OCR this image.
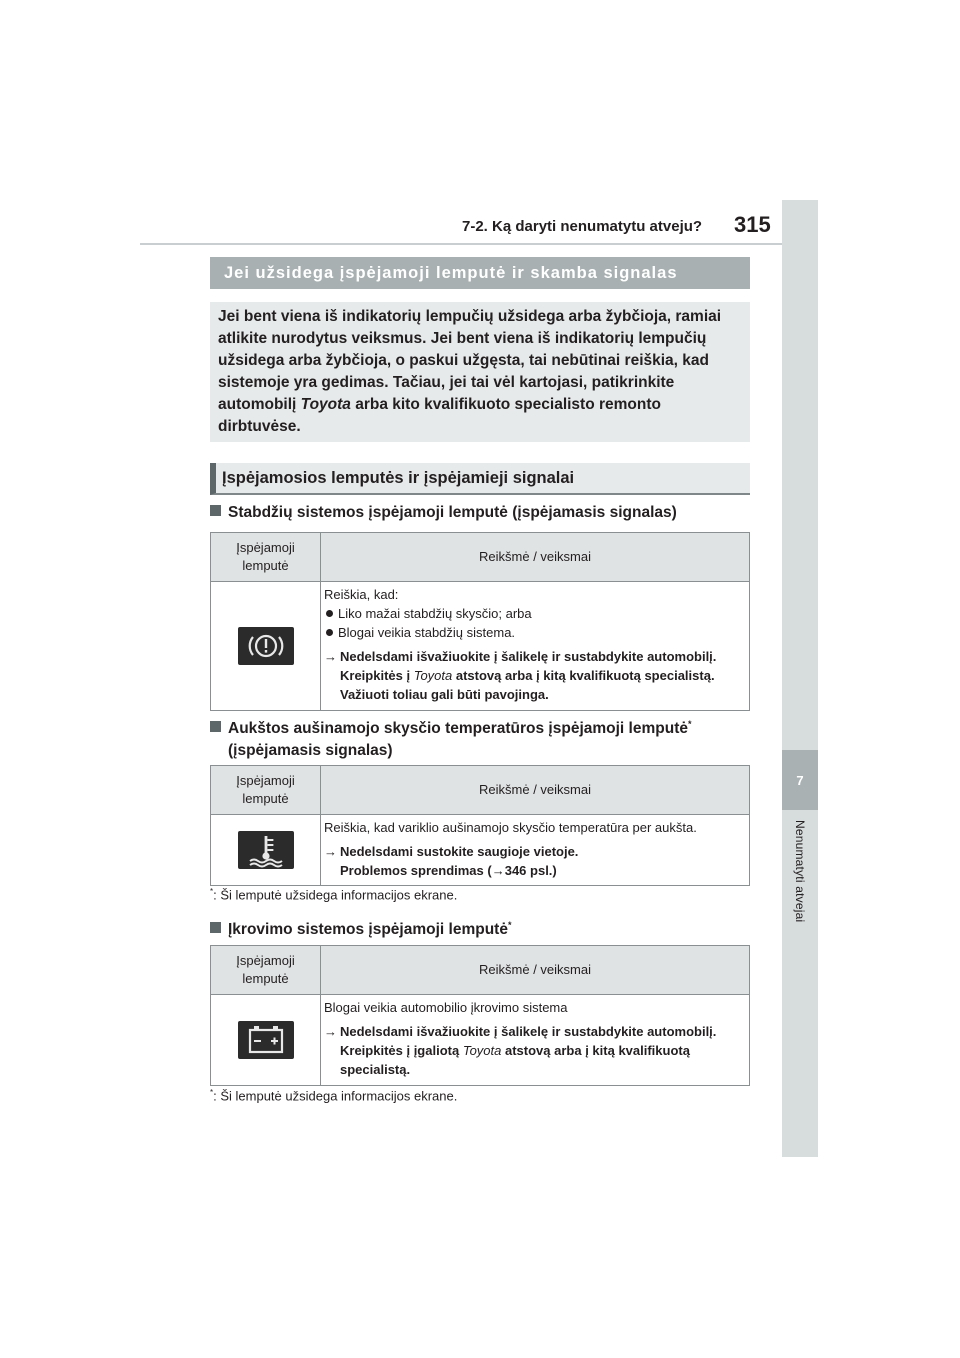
7-2. Ką daryti nenumatytu atveju? 315
7
Nenumatyti atvejai
Jei užsidega įspėjamoji lemputė ir skamba signalas
Jei bent viena iš indikatorių lempučių užsidega arba žybčioja, ramiai atlikite nurodytus veiksmus. Jei bent viena iš indikatorių lempučių užsidega arba žybčioja, o paskui užgęsta, tai nebūtinai reiškia, kad sistemoje yra gedimas. Tačiau, jei tai vėl kartojasi, patikrinkite automobilį Toyota arba kito kvalifikuoto specialisto remonto dirbtuvėse.
Įspėjamosios lemputės ir įspėjamieji signalai
Stabdžių sistemos įspėjamoji lemputė (įspėjamasis signalas)
Įspėjamoji lemputė	Reikšmė / veiksmai

Reiškia, kad:
Liko mažai stabdžių skysčio; arba
Blogai veikia stabdžių sistema.
→ Nedelsdami išvažiuokite į šalikelę ir sustabdykite automobilį. Kreipkitės į Toyota atstovą arba į kitą kvalifikuotą specialistą. Važiuoti toliau gali būti pavojinga.
Aukštos aušinamojo skysčio temperatūros įspėjamoji lemputė*
(įspėjamasis signalas)
Įspėjamoji lemputė	Reikšmė / veiksmai

Reiškia, kad variklio aušinamojo skysčio temperatūra per aukšta.
→ Nedelsdami sustokite saugioje vietoje.
Problemos sprendimas (→346 psl.)
*: Ši lemputė užsidega informacijos ekrane.
Įkrovimo sistemos įspėjamoji lemputė*
Įspėjamoji lemputė	Reikšmė / veiksmai

Blogai veikia automobilio įkrovimo sistema
→ Nedelsdami išvažiuokite į šalikelę ir sustabdykite automobilį. Kreipkitės į įgaliotą Toyota atstovą arba į kitą kvalifikuotą specialistą.
*: Ši lemputė užsidega informacijos ekrane.
